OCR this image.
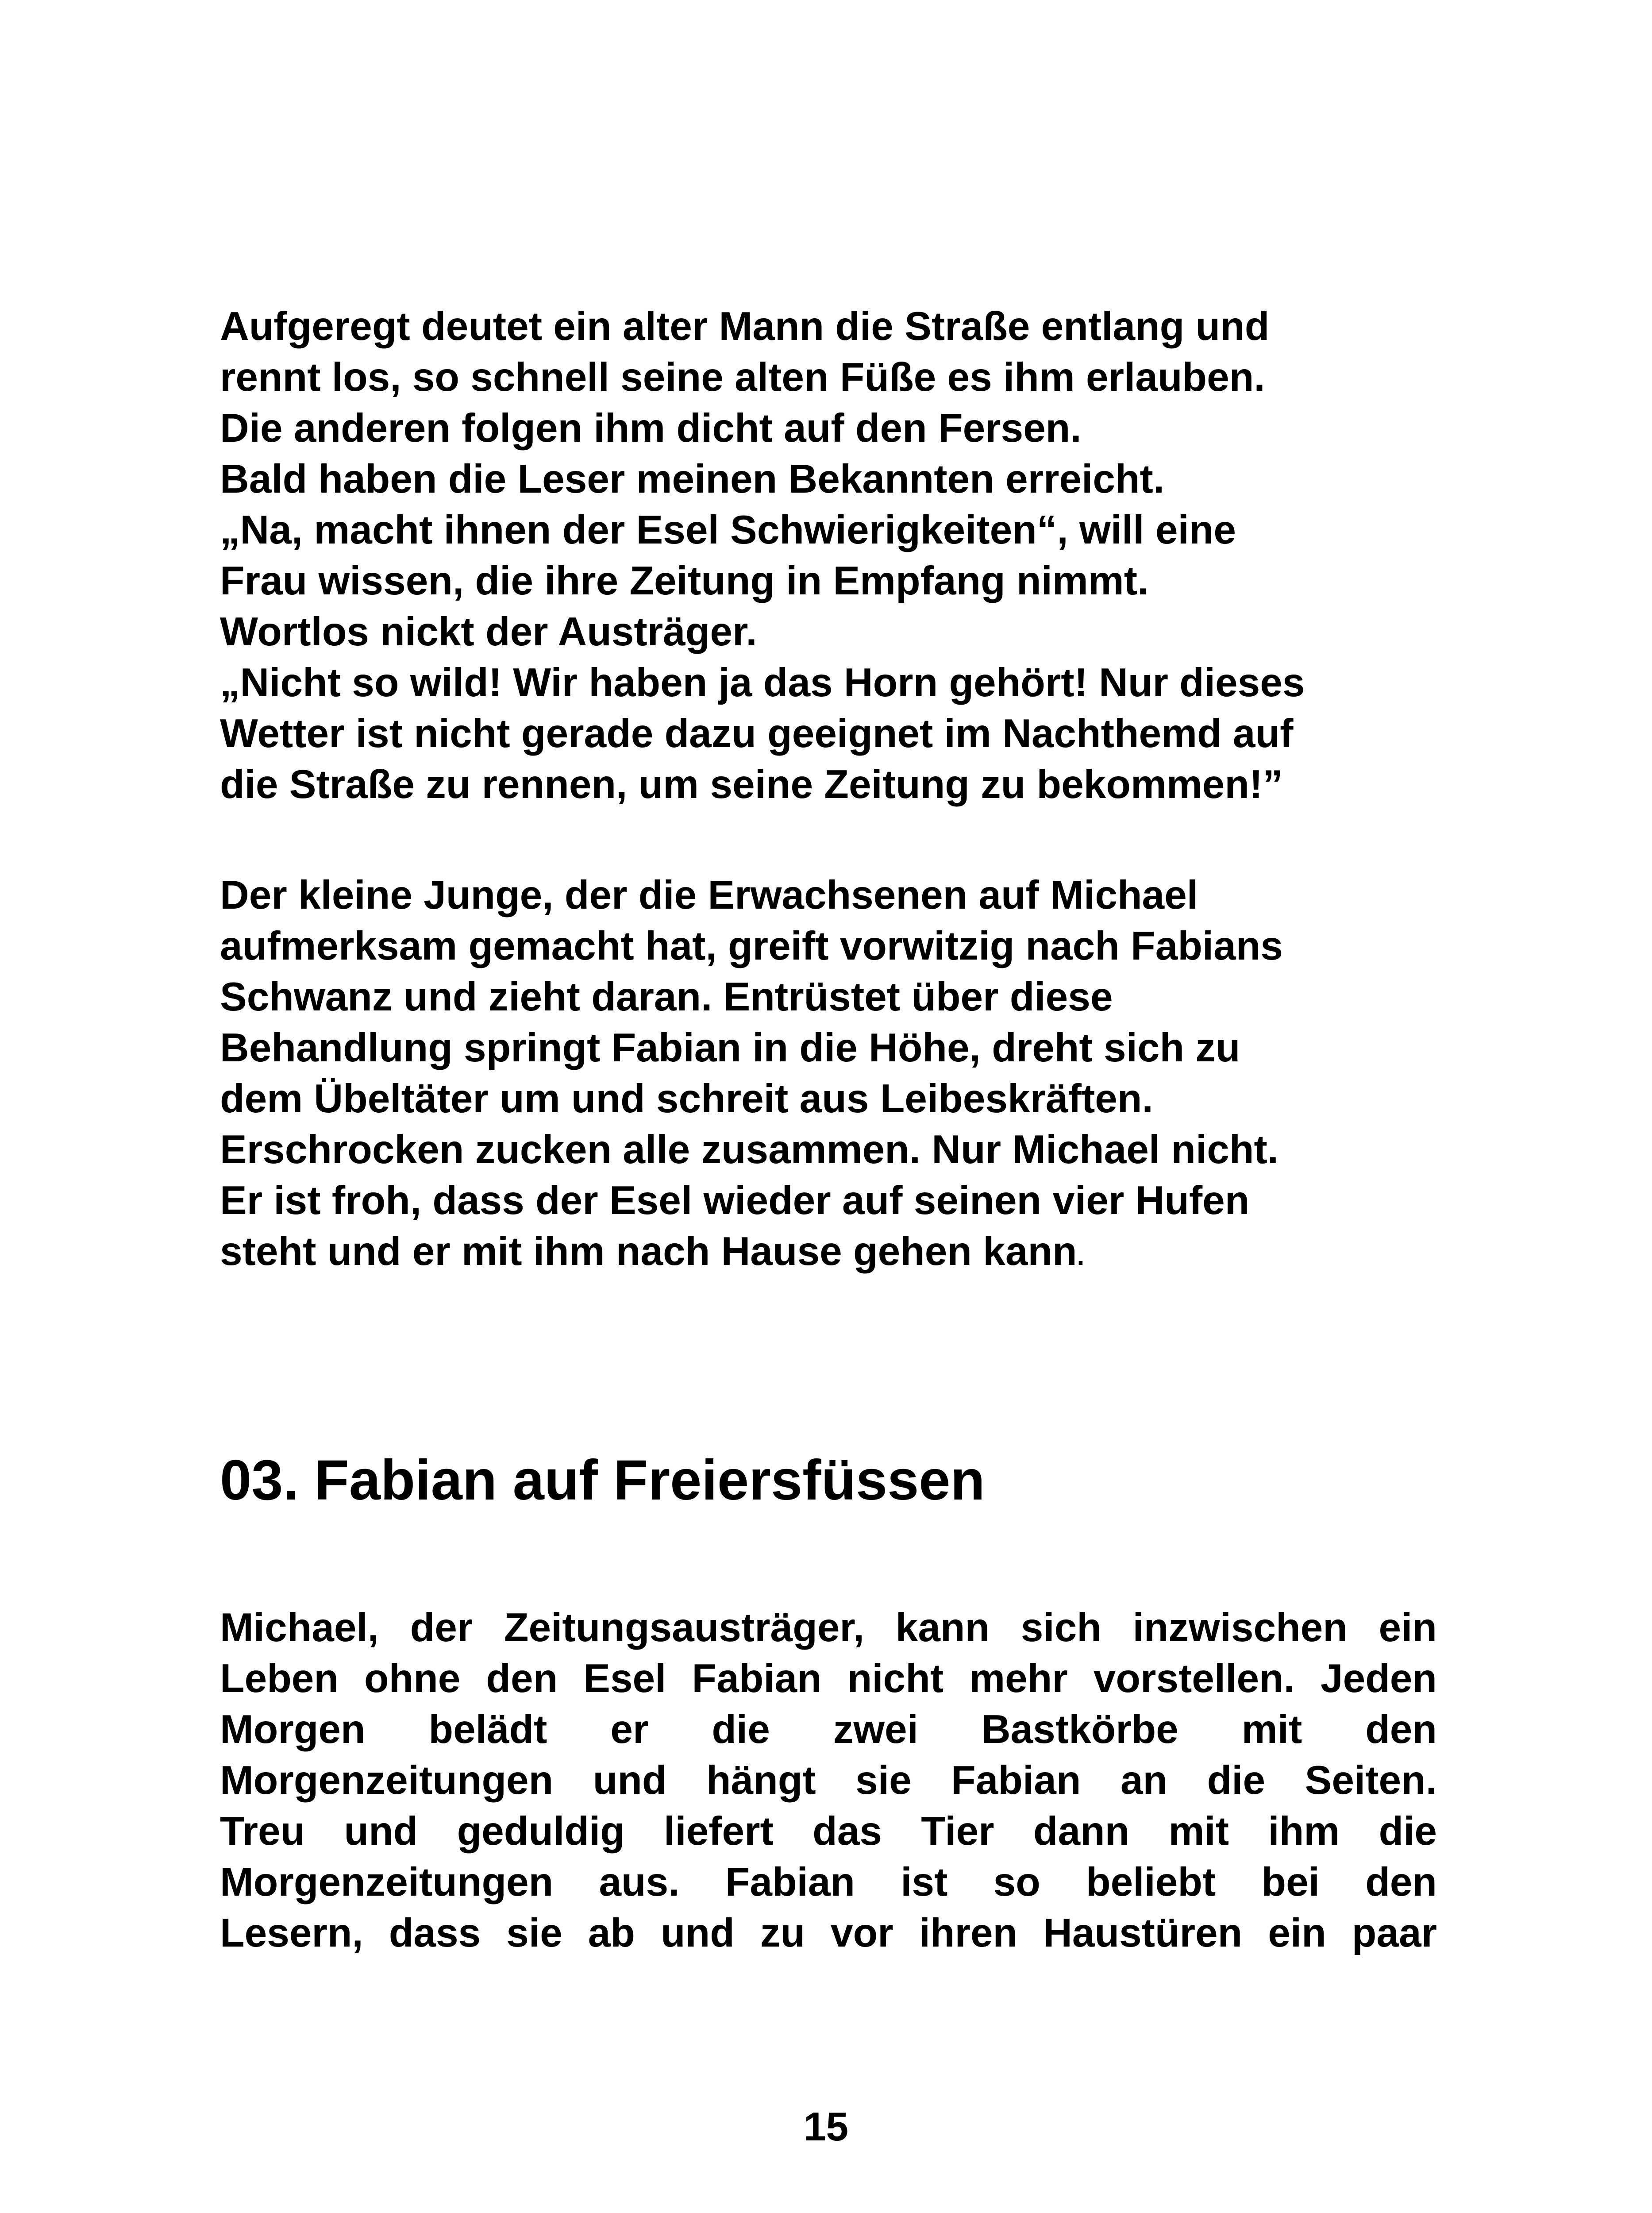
Aufgeregt deutet ein alter Mann die Straße entlang und
rennt los, so schnell seine alten Füße es ihm erlauben.
Die anderen folgen ihm dicht auf den Fersen.
Bald haben die Leser meinen Bekannten erreicht.
„Na, macht ihnen der Esel Schwierigkeiten“, will eine
Frau wissen, die ihre Zeitung in Empfang nimmt.
Wortlos nickt der Austräger.
„Nicht so wild! Wir haben ja das Horn gehört! Nur dieses
Wetter ist nicht gerade dazu geeignet im Nachthemd auf
die Straße zu rennen, um seine Zeitung zu bekommen!”
Der kleine Junge, der die Erwachsenen auf Michael
aufmerksam gemacht hat, greift vorwitzig nach Fabians
Schwanz und zieht daran. Entrüstet über diese
Behandlung springt Fabian in die Höhe, dreht sich zu
dem Übeltäter um und schreit aus Leibeskräften.
Erschrocken zucken alle zusammen. Nur Michael nicht.
Er ist froh, dass der Esel wieder auf seinen vier Hufen
steht und er mit ihm nach Hause gehen kann.
03. Fabian auf Freiersfüssen
Michael, der Zeitungsausträger, kann sich inzwischen ein
Leben ohne den Esel Fabian nicht mehr vorstellen. Jeden
Morgen belädt er die zwei Bastkörbe mit den
Morgenzeitungen und hängt sie Fabian an die Seiten.
Treu und geduldig liefert das Tier dann mit ihm die
Morgenzeitungen aus. Fabian ist so beliebt bei den
Lesern, dass sie ab und zu vor ihren Haustüren ein paar
15
